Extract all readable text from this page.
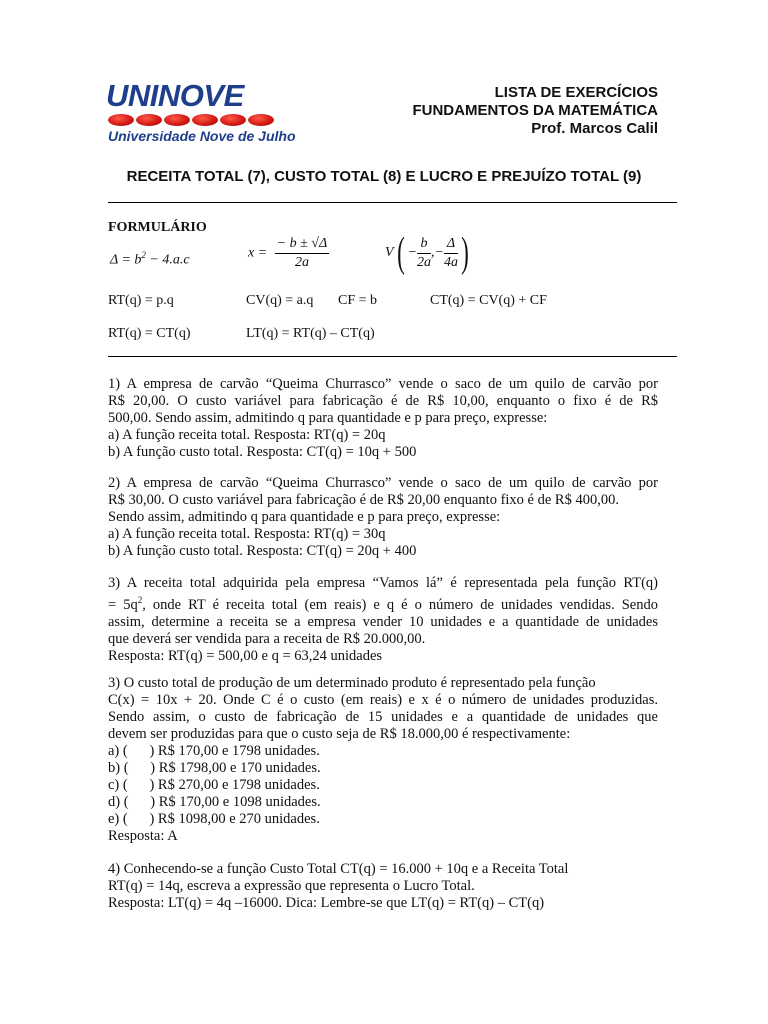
UNINOVE
Universidade Nove de Julho
LISTA DE EXERCÍCIOS
FUNDAMENTOS DA MATEMÁTICA
Prof. Marcos Calil
RECEITA TOTAL (7), CUSTO TOTAL (8) E LUCRO E PREJUÍZO TOTAL (9)
FORMULÁRIO
$\Delta = b^2 - 4.a.c$	$x = \frac{- b \pm √\Delta}{2a}$	$V( - \frac{b}{2a}$ ,− $\frac{\Delta}{4a}$ )
RT(q) = p.q	CV(q) = a.q CF = b	CT(q) = CV(q) + CF
RT(q) = CT(q)	LT(q) = RT(q) – CT(q)

1) A empresa de carvão “Queima Churrasco” vende o saco de um quilo de carvão por

R$ 20,00. O custo variável para fabricação é de R$ 10,00, enquanto o fixo é de R$

500,00. Sendo assim, admitindo q para quantidade e p para preço, expresse:

a) A função receita total. Resposta: RT(q) = 20q

b) A função custo total. Resposta: CT(q) = 10q + 500

2) A empresa de carvão “Queima Churrasco” vende o saco de um quilo de carvão por

R$ 30,00. O custo variável para fabricação é de R$ 20,00 enquanto fixo é de R$ 400,00.

Sendo assim, admitindo q para quantidade e p para preço, expresse:

a) A função receita total. Resposta: RT(q) = 30q

b) A função custo total. Resposta: CT(q) = 20q + 400

3) A receita total adquirida pela empresa “Vamos lá” é representada pela função RT(q)

= $5q^2$, onde RT é receita total (em reais) e q é o número de unidades vendidas. Sendo

assim, determine a receita se a empresa vender 10 unidades e a quantidade de unidades

que deverá ser vendida para a receita de R$ 20.000,00.

Resposta: RT(q) = 500,00 e q = 63,24 unidades

3) O custo total de produção de um determinado produto é representado pela função

C(x) = 10x + 20. Onde C é o custo (em reais) e x é o número de unidades produzidas.

Sendo assim, o custo de fabricação de 15 unidades e a quantidade de unidades que

devem ser produzidas para que o custo seja de R$ 18.000,00 é respectivamente:

a) (      ) R$ 170,00 e 1798 unidades.

b) (      ) R$ 1798,00 e 170 unidades.

c) (      ) R$ 270,00 e 1798 unidades.

d) (      ) R$ 170,00 e 1098 unidades.

e) (      ) R$ 1098,00 e 270 unidades.

Resposta: A

4) Conhecendo-se a função Custo Total CT(q) = 16.000 + 10q e a Receita Total

RT(q) = 14q, escreva a expressão que representa o Lucro Total.

Resposta: LT(q) = 4q –16000. Dica: Lembre-se que LT(q) = RT(q) – CT(q)
